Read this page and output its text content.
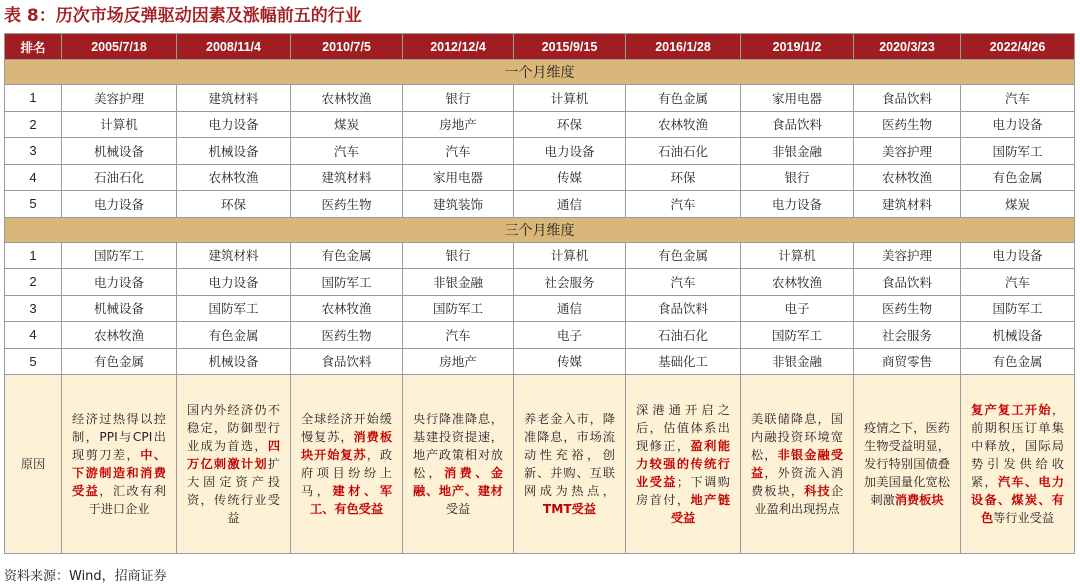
表 8：历次市场反弹驱动因素及涨幅前五的行业
排名	2005/7/18	2008/11/4	2010/7/5	2012/12/4	2015/9/15	2016/1/28	2019/1/2	2020/3/23	2022/4/26
一个月维度									
1	美容护理	建筑材料	农林牧渔	银行	计算机	有色金属	家用电器	食品饮料	汽车
2	计算机	电力设备	煤炭	房地产	环保	农林牧渔	食品饮料	医药生物	电力设备
3	机械设备	机械设备	汽车	汽车	电力设备	石油石化	非银金融	美容护理	国防军工
4	石油石化	农林牧渔	建筑材料	家用电器	传媒	环保	银行	农林牧渔	有色金属
5	电力设备	环保	医药生物	建筑装饰	通信	汽车	电力设备	建筑材料	煤炭
三个月维度									
1	国防军工	建筑材料	有色金属	银行	计算机	有色金属	计算机	美容护理	电力设备
2	电力设备	电力设备	国防军工	非银金融	社会服务	汽车	农林牧渔	食品饮料	汽车
3	机械设备	国防军工	农林牧渔	国防军工	通信	食品饮料	电子	医药生物	国防军工
4	农林牧渔	有色金属	医药生物	汽车	电子	石油石化	国防军工	社会服务	机械设备
5	有色金属	机械设备	食品饮料	房地产	传媒	基础化工	非银金融	商贸零售	有色金属
原因	经济过热得以控制，PPI与CPI出现剪刀差，中、下游制造和消费受益，汇改有利于进口企业	国内外经济仍不稳定，防御型行业成为首选，四万亿刺激计划扩大固定资产投资，传统行业受益	全球经济开始缓慢复苏，消费板块开始复苏，政府项目纷纷上马，建材、军工、有色受益	央行降准降息，基建投资提速，地产政策相对放松，消费、金融、地产、建材受益	养老金入市，降准降息，市场流动性充裕，创新、并购、互联网成为热点，TMT受益	深港通开启之后，估值体系出现修正，盈利能力较强的传统行业受益；下调购房首付，地产链受益	美联储降息，国内融投资环境宽松，非银金融受益，外资流入消费板块，科技企业盈利出现拐点	疫情之下，医药生物受益明显，发行特别国债叠加美国量化宽松刺激消费板块	复产复工开始，前期积压订单集中释放，国际局势引发供给收紧，汽车、电力设备、煤炭、有色等行业受益
资料来源：Wind，招商证券
